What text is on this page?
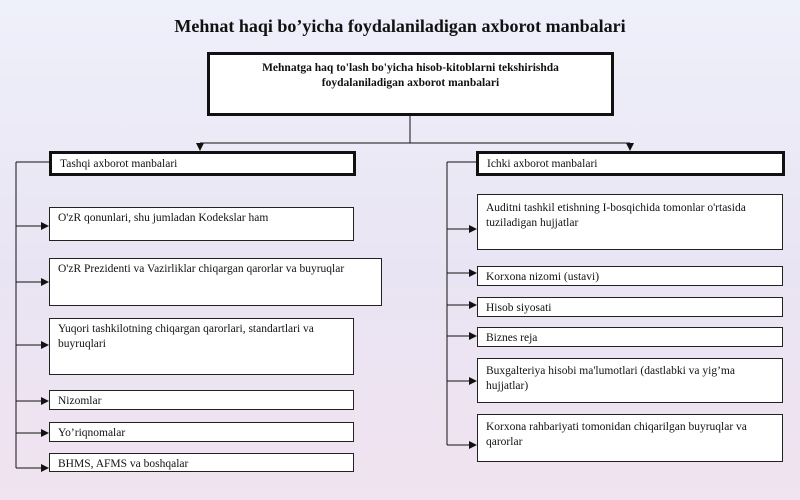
Mehnat haqi bo’yicha foydalaniladigan axborot manbalari
Mehnatga haq to'lash bo'yicha hisob-kitoblarni tekshirishda
foydalaniladigan axborot manbalari
Tashqi axborot manbalari
O'zR qonunlari, shu jumladan Kodekslar ham
O'zR Prezidenti va Vazirliklar chiqargan qarorlar va buyruqlar
Yuqori tashkilotning chiqargan qarorlari, standartlari va buyruqlari
Nizomlar
Yo’riqnomalar
BHMS, AFMS va boshqalar
Ichki axborot manbalari
Auditni tashkil etishning I-bosqichida tomonlar o'rtasida tuziladigan hujjatlar
Korxona nizomi (ustavi)
Hisob siyosati
Biznes reja
Buxgalteriya hisobi ma'lumotlari (dastlabki va yig’ma hujjatlar)
Korxona rahbariyati tomonidan chiqarilgan buyruqlar va qarorlar
